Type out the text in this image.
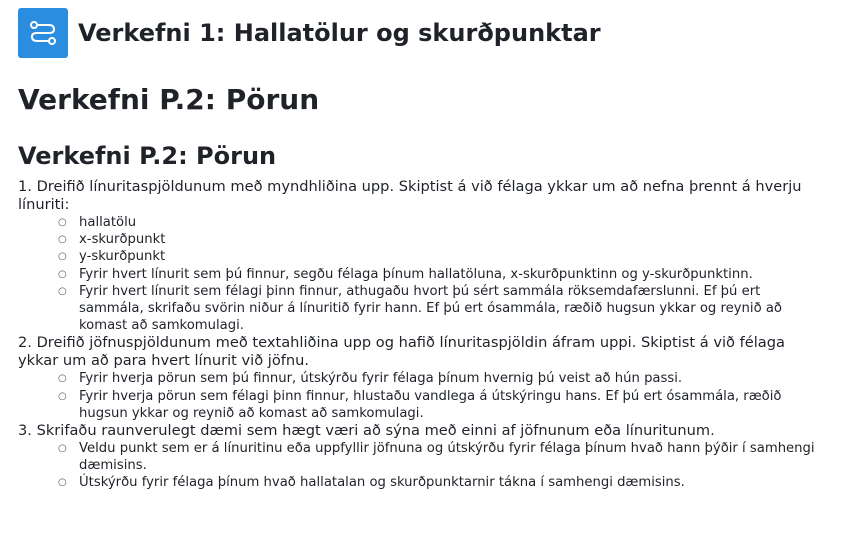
Verkefni 1: Hallatölur og skurðpunktar
Verkefni P.2: Pörun
Verkefni P.2: Pörun

1. Dreifið línuritaspjöldunum með myndhliðina upp. Skiptist á við félaga ykkar um að nefna þrennt á hverju línuriti:

○ hallatölu
○ x-skurðpunkt
○ y-skurðpunkt
○ Fyrir hvert línurit sem þú finnur, segðu félaga þínum hallatöluna, x-skurðpunktinn og y-skurðpunktinn.
○ Fyrir hvert línurit sem félagi þinn finnur, athugaðu hvort þú sért sammála röksemdafærslunni. Ef þú ert sammála, skrifaðu svörin niður á línuritið fyrir hann. Ef þú ert ósammála, ræðið hugsun ykkar og reynið að komast að samkomulagi.

2. Dreifið jöfnuspjöldunum með textahliðina upp og hafið línuritaspjöldin áfram uppi. Skiptist á við félaga ykkar um að para hvert línurit við jöfnu.

○ Fyrir hverja pörun sem þú finnur, útskýrðu fyrir félaga þínum hvernig þú veist að hún passi.
○ Fyrir hverja pörun sem félagi þinn finnur, hlustaðu vandlega á útskýringu hans. Ef þú ert ósammála, ræðið hugsun ykkar og reynið að komast að samkomulagi.

3. Skrifaðu raunverulegt dæmi sem hægt væri að sýna með einni af jöfnunum eða línuritunum.

○ Veldu punkt sem er á línuritinu eða uppfyllir jöfnuna og útskýrðu fyrir félaga þínum hvað hann þýðir í samhengi dæmisins.
○ Útskýrðu fyrir félaga þínum hvað hallatalan og skurðpunktarnir tákna í samhengi dæmisins.
